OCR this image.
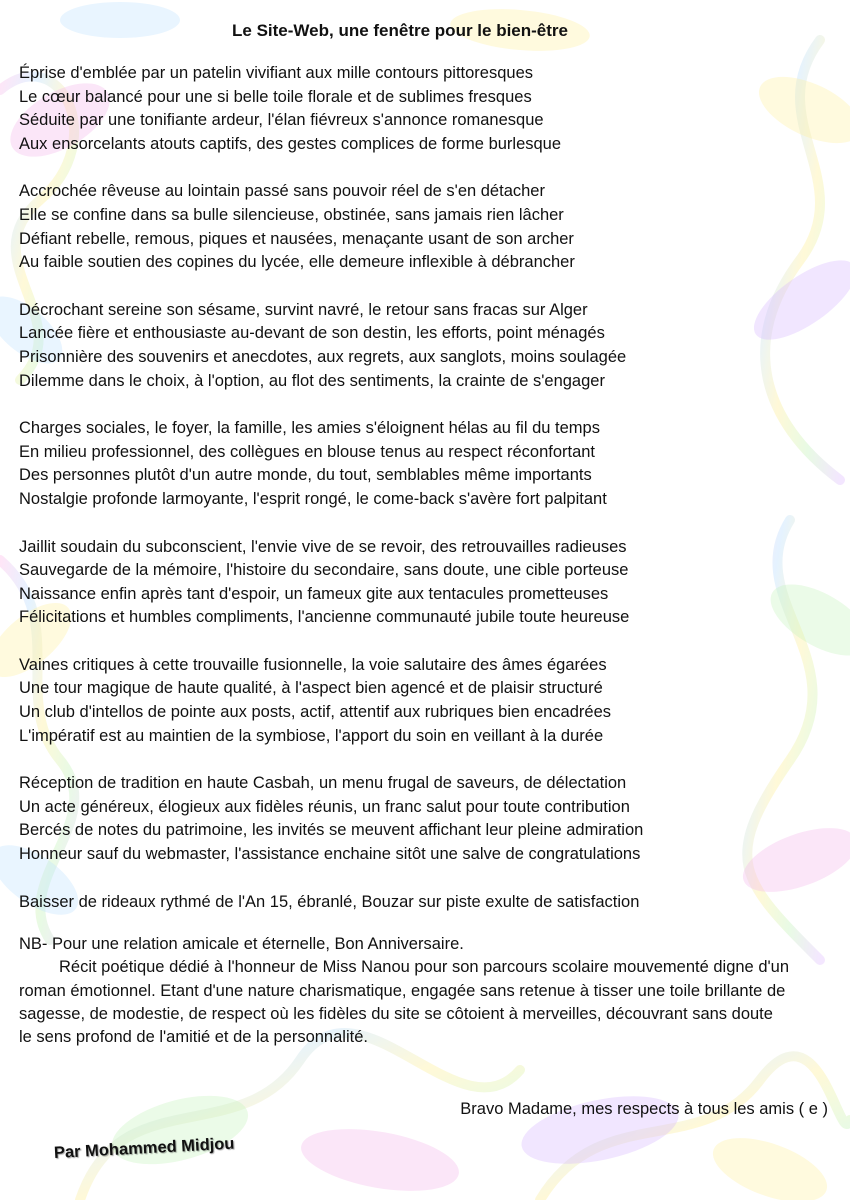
Le Site-Web, une fenêtre pour le bien-être
Éprise d'emblée par un patelin vivifiant aux mille contours pittoresques
Le cœur balancé pour une si belle toile florale et de sublimes fresques
Séduite par une tonifiante ardeur, l'élan fiévreux s'annonce romanesque
Aux ensorcelants atouts captifs, des gestes complices de forme burlesque
Accrochée rêveuse au lointain passé sans pouvoir réel de s'en détacher
Elle se confine dans sa bulle silencieuse, obstinée, sans jamais rien lâcher
Défiant rebelle, remous, piques et nausées, menaçante usant de son archer
Au faible soutien des copines du lycée, elle demeure inflexible à débrancher
Décrochant sereine son sésame, survint navré, le retour sans fracas sur Alger
Lancée fière et enthousiaste au-devant de son destin, les efforts, point ménagés
Prisonnière des souvenirs et anecdotes, aux regrets, aux sanglots, moins soulagée
Dilemme dans le choix, à l'option, au flot des sentiments, la crainte de s'engager
Charges sociales, le foyer, la famille, les amies s'éloignent hélas au fil du temps
En milieu professionnel, des collègues en blouse tenus au respect réconfortant
Des personnes plutôt d'un autre monde, du tout, semblables même importants
Nostalgie profonde larmoyante, l'esprit rongé, le come-back s'avère fort palpitant
Jaillit soudain du subconscient, l'envie vive de se revoir, des retrouvailles radieuses
Sauvegarde de la mémoire, l'histoire du secondaire, sans doute, une cible porteuse
Naissance enfin après tant d'espoir, un fameux gite aux tentacules prometteuses
Félicitations et humbles compliments, l'ancienne communauté jubile toute heureuse
Vaines critiques à cette trouvaille fusionnelle, la voie salutaire des âmes égarées
Une tour magique de haute qualité, à l'aspect bien agencé et de plaisir structuré
Un club d'intellos de pointe aux posts, actif, attentif aux rubriques bien encadrées
L'impératif est au maintien de la symbiose, l'apport du soin en veillant à la durée
Réception de tradition en haute Casbah, un menu frugal de saveurs, de délectation
Un acte généreux, élogieux aux fidèles réunis, un franc salut pour toute contribution
Bercés de notes du patrimoine, les invités se meuvent affichant leur pleine admiration
Honneur sauf du webmaster, l'assistance enchaine sitôt une salve de congratulations
Baisser de rideaux rythmé de l'An 15, ébranlé, Bouzar sur piste exulte de satisfaction
NB- Pour une relation amicale et éternelle, Bon Anniversaire.
Récit poétique dédié à l'honneur de Miss Nanou pour son parcours scolaire mouvementé digne d'un roman émotionnel. Etant d'une nature charismatique, engagée sans retenue à tisser une toile brillante de sagesse, de modestie, de respect où les fidèles du site se côtoient à merveilles, découvrant sans doute le sens profond de l'amitié et de la personnalité.
Bravo Madame, mes respects à tous les amis ( e )
Par Mohammed Midjou
